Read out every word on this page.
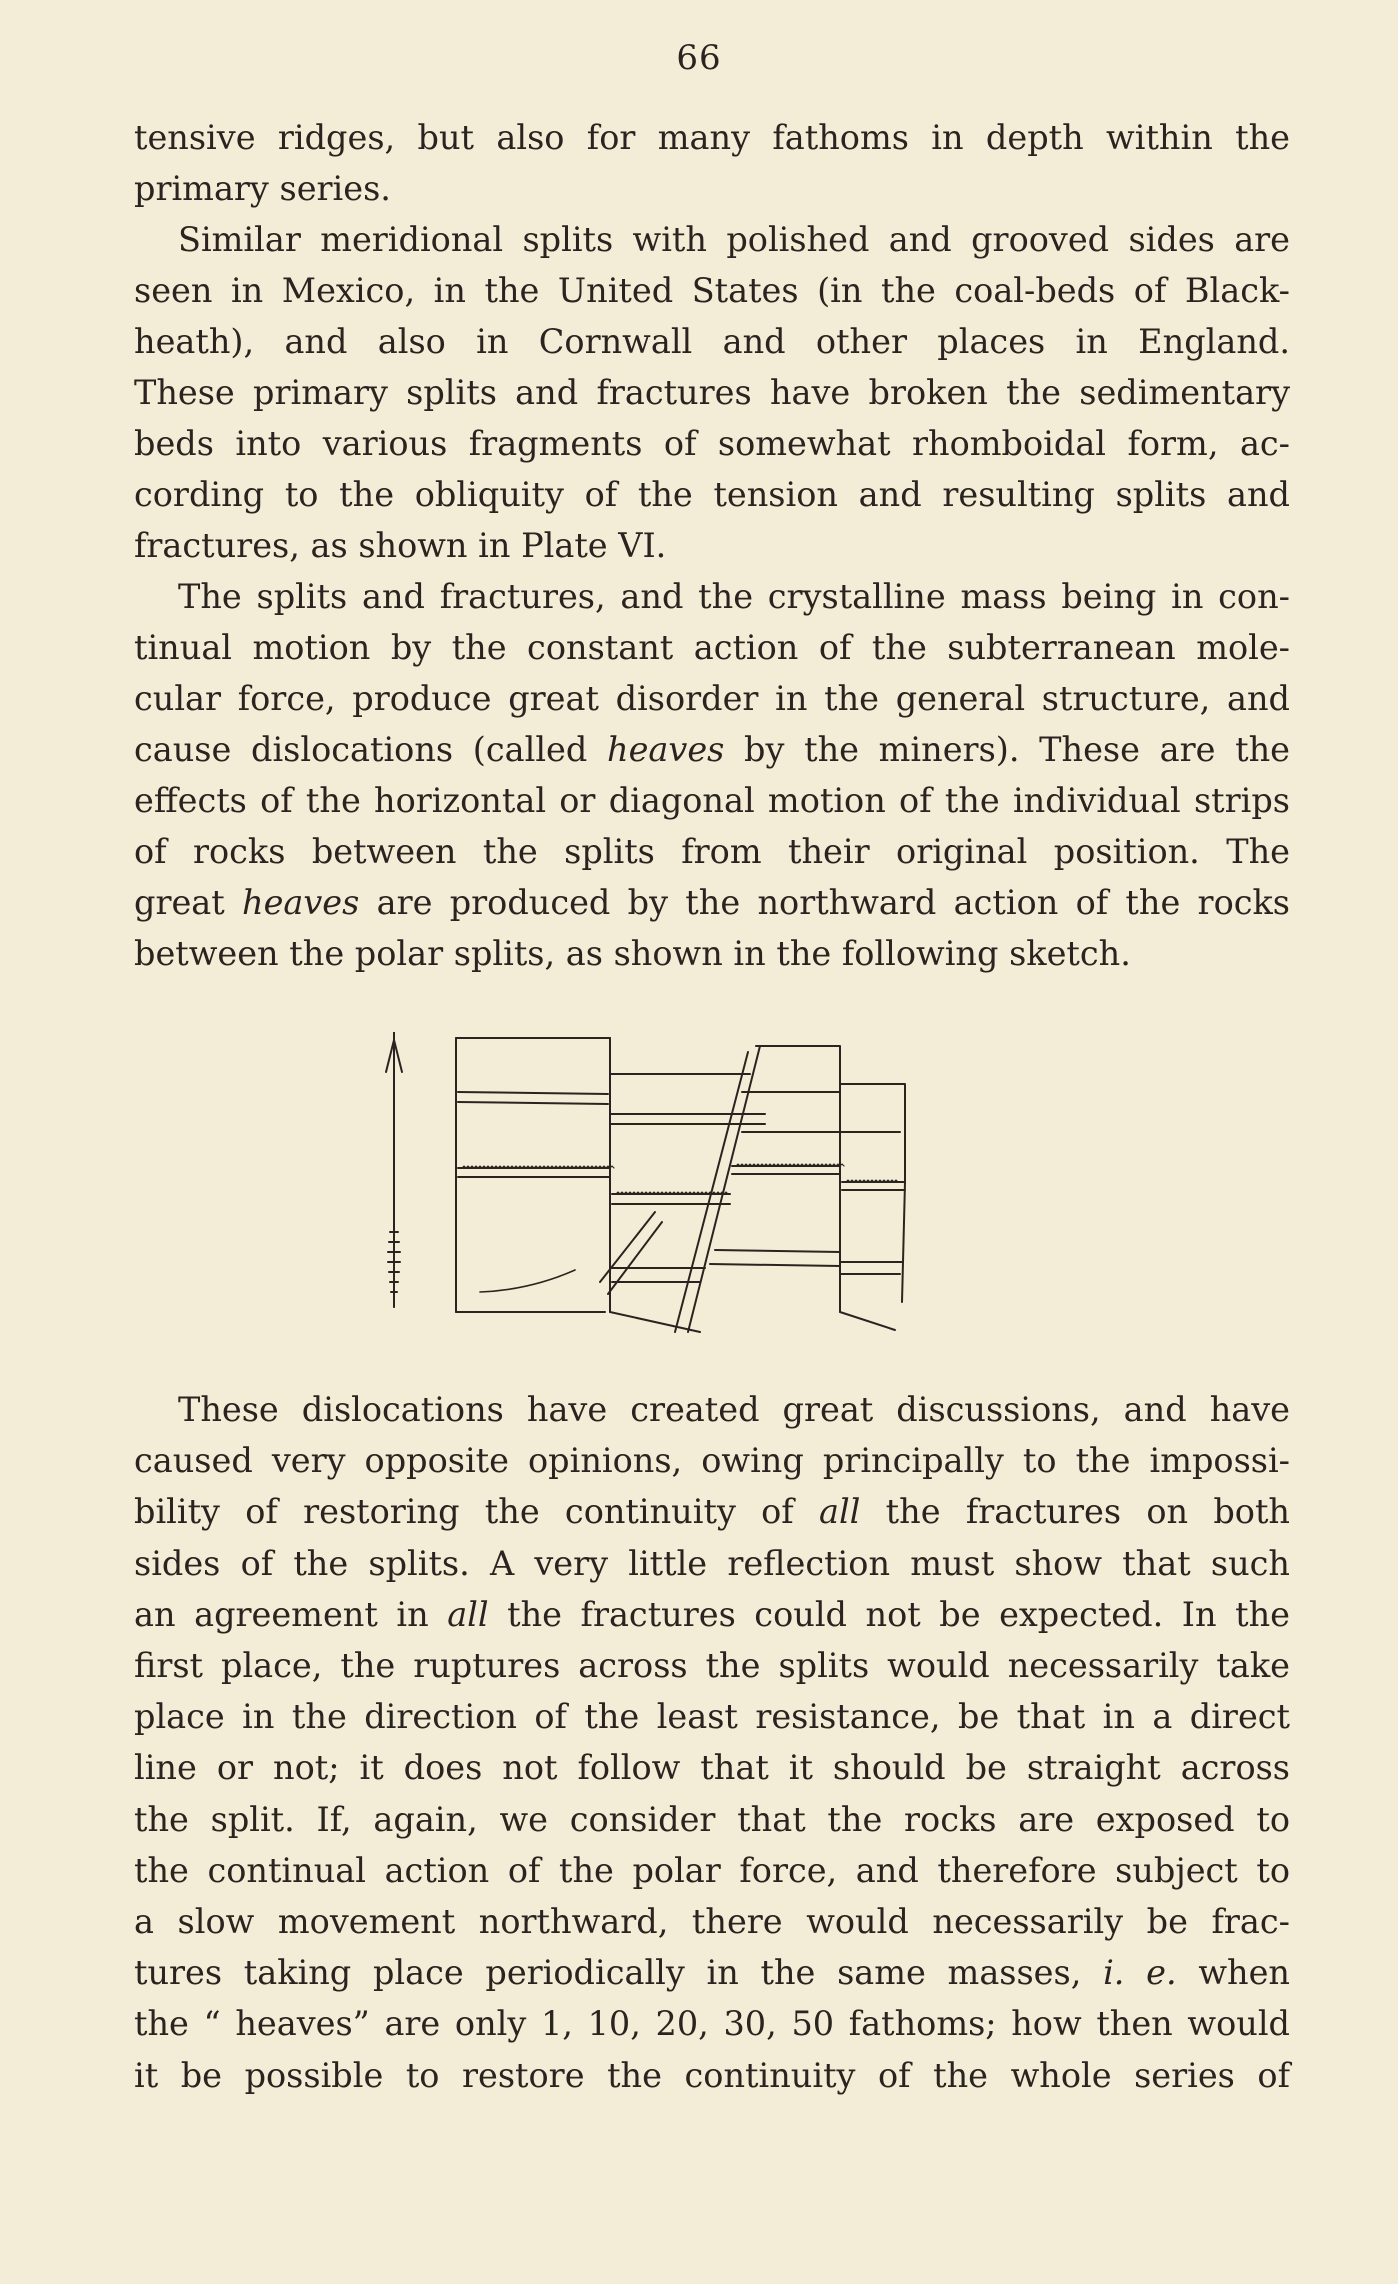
66
tensive ridges, but also for many fathoms in depth within the
primary series.
Similar meridional splits with polished and grooved sides are
seen in Mexico, in the United States (in the coal-beds of Black-
heath), and also in Cornwall and other places in England.
These primary splits and fractures have broken the sedimentary
beds into various fragments of somewhat rhomboidal form, ac-
cording to the obliquity of the tension and resulting splits and
fractures, as shown in Plate VI.
The splits and fractures, and the crystalline mass being in con-
tinual motion by the constant action of the subterranean mole-
cular force, produce great disorder in the general structure, and
cause dislocations (called heaves by the miners). These are the
effects of the horizontal or diagonal motion of the individual strips
of rocks between the splits from their original position. The
great heaves are produced by the northward action of the rocks
between the polar splits, as shown in the following sketch.
These dislocations have created great discussions, and have
caused very opposite opinions, owing principally to the impossi-
bility of restoring the continuity of all the fractures on both
sides of the splits. A very little reflection must show that such
an agreement in all the fractures could not be expected. In the
first place, the ruptures across the splits would necessarily take
place in the direction of the least resistance, be that in a direct
line or not; it does not follow that it should be straight across
the split. If, again, we consider that the rocks are exposed to
the continual action of the polar force, and therefore subject to
a slow movement northward, there would necessarily be frac-
tures taking place periodically in the same masses, i. e. when
the “ heaves” are only 1, 10, 20, 30, 50 fathoms; how then would
it be possible to restore the continuity of the whole series of
